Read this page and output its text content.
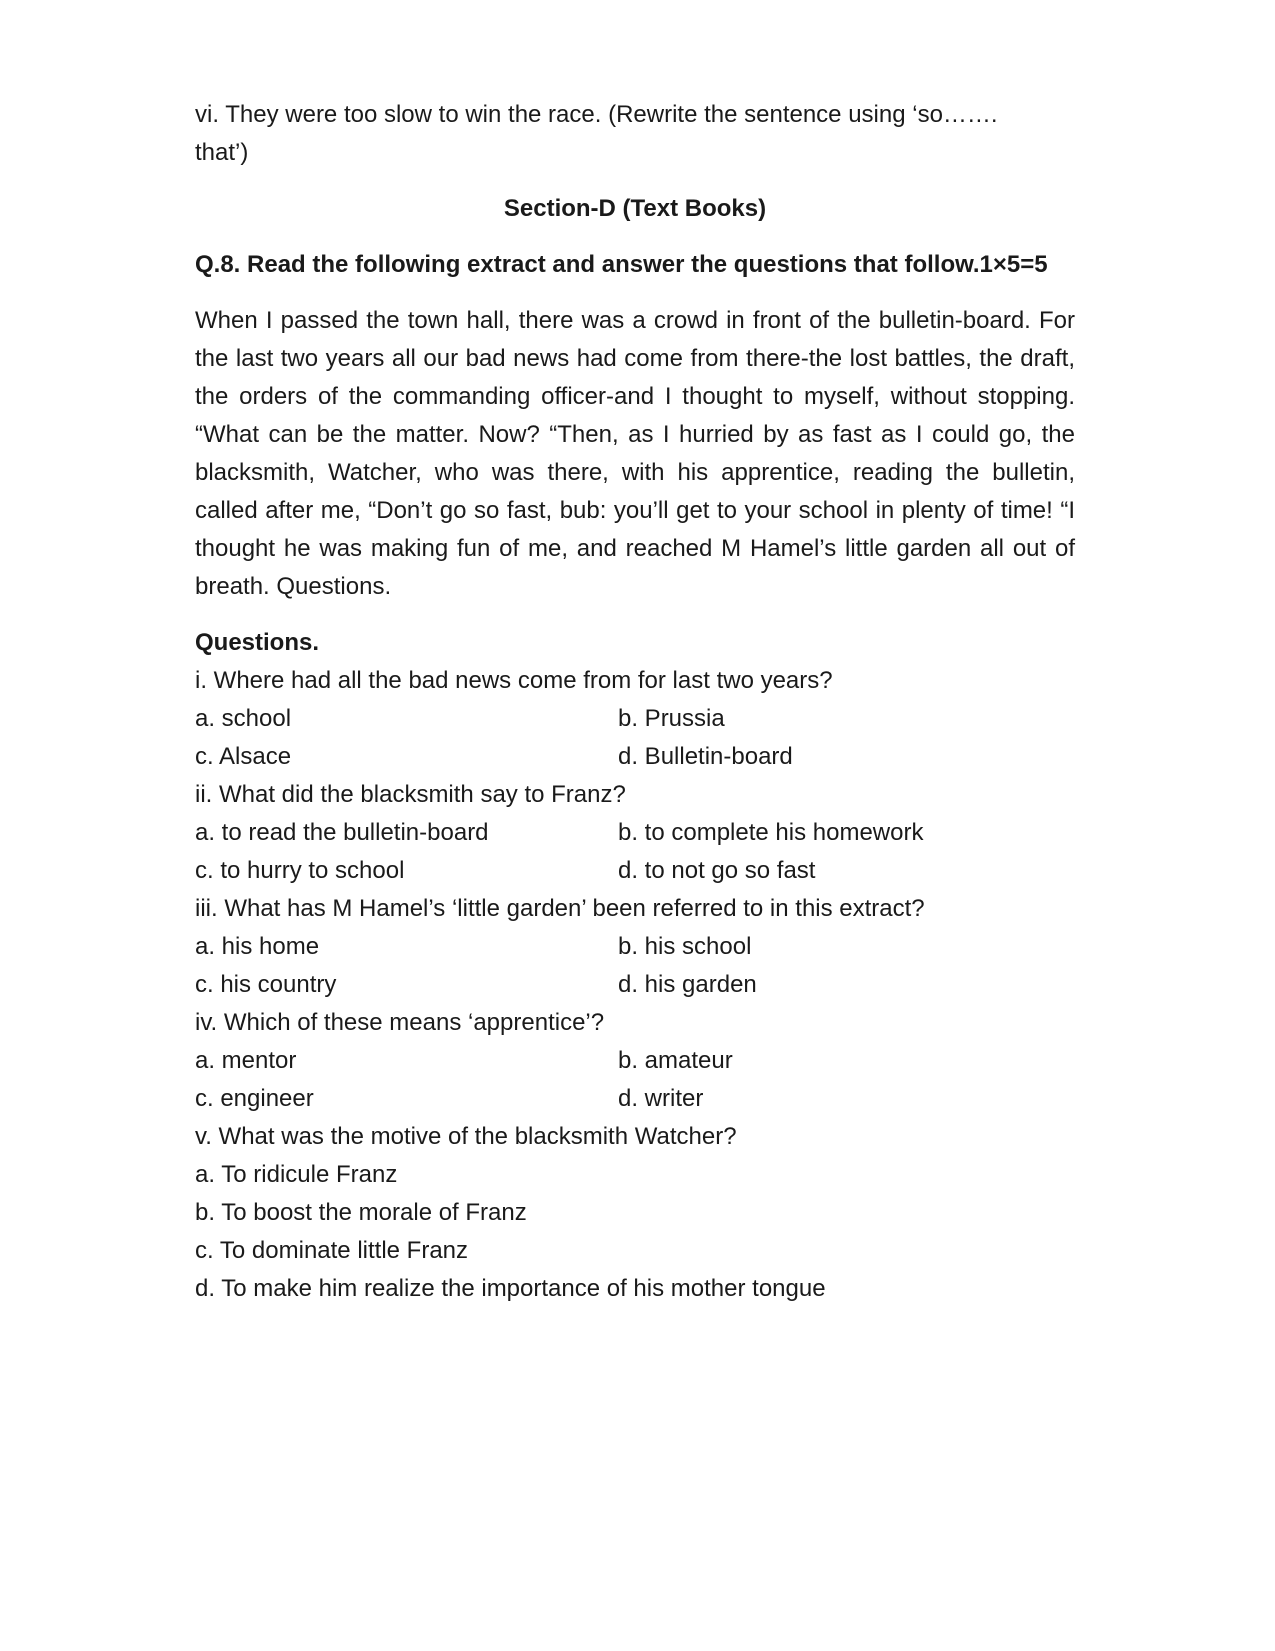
vi. They were too slow to win the race. (Rewrite the sentence using ‘so…….
that’)
Section-D (Text Books)
Q.8. Read the following extract and answer the questions that follow.1×5=5
When I passed the town hall, there was a crowd in front of the bulletin-board. For the last two years all our bad news had come from there-the lost battles, the draft, the orders of the commanding officer-and I thought to myself, without stopping. “What can be the matter. Now? “Then, as I hurried by as fast as I could go, the blacksmith, Watcher, who was there, with his apprentice, reading the bulletin, called after me, “Don’t go so fast, bub: you’ll get to your school in plenty of time! “I thought he was making fun of me, and reached M Hamel’s little garden all out of breath. Questions.
Questions.
i. Where had all the bad news come from for last two years?
a. school	b. Prussia
c. Alsace	d. Bulletin-board
ii. What did the blacksmith say to Franz?
a. to read the bulletin-board	b. to complete his homework
c. to hurry to school	d. to not go so fast
iii. What has M Hamel’s ‘little garden’ been referred to in this extract?
a. his home	b. his school
c. his country	d. his garden
iv. Which of these means ‘apprentice’?
a. mentor	b. amateur
c. engineer	d. writer
v. What was the motive of the blacksmith Watcher?
a. To ridicule Franz
b. To boost the morale of Franz
c. To dominate little Franz
d. To make him realize the importance of his mother tongue
